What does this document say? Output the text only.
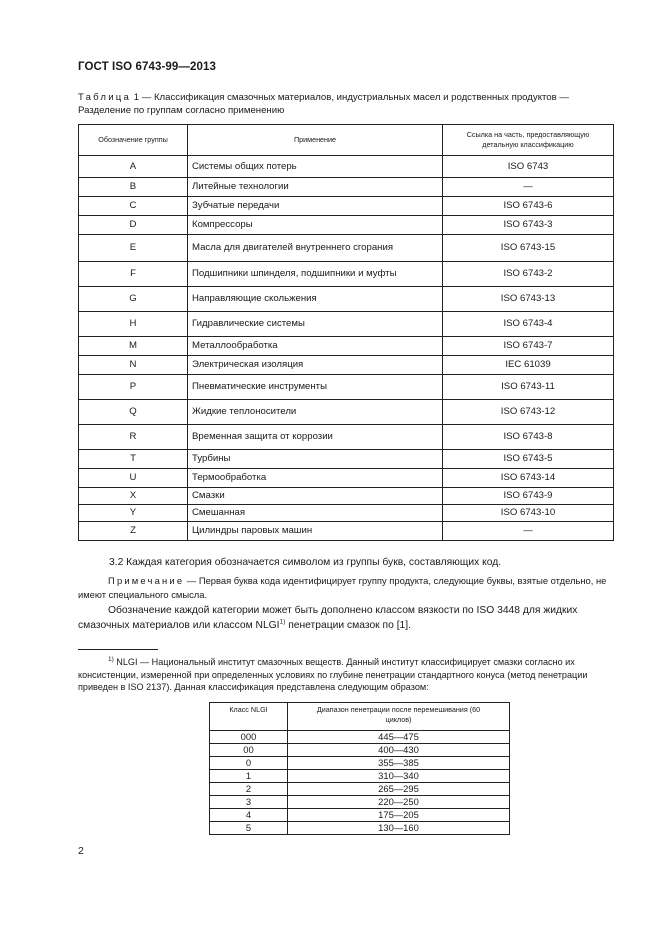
ГОСТ ISO 6743-99—2013
Таблица 1 — Классификация смазочных материалов, индустриальных масел и родственных продуктов — Разделение по группам согласно применению
Обозначение группы	Применение	Ссылка на часть, предоставляющую детальную классификацию
A	Системы общих потерь	ISO 6743
B	Литейные технологии	—
C	Зубчатые передачи	ISO 6743-6
D	Компрессоры	ISO 6743-3
E	Масла для двигателей внутреннего сгорания	ISO 6743-15
F	Подшипники шпинделя, подшипники и муфты	ISO 6743-2
G	Направляющие скольжения	ISO 6743-13
H	Гидравлические системы	ISO 6743-4
M	Металлообработка	ISO 6743-7
N	Электрическая изоляция	IEC 61039
P	Пневматические инструменты	ISO 6743-11
Q	Жидкие теплоносители	ISO 6743-12
R	Временная защита от коррозии	ISO 6743-8
T	Турбины	ISO 6743-5
U	Термообработка	ISO 6743-14
X	Смазки	ISO 6743-9
Y	Смешанная	ISO 6743-10
Z	Цилиндры паровых машин	—
3.2 Каждая категория обозначается символом из группы букв, составляющих код.
Примечание — Первая буква кода идентифицирует группу продукта, следующие буквы, взятые отдельно, не имеют специального смысла.
Обозначение каждой категории может быть дополнено классом вязкости по ISO 3448 для жидких смазочных материалов или классом NLGI$^{1)}$ пенетрации смазок по [1].
$^{1)}$ NLGI — Национальный институт смазочных веществ. Данный институт классифицирует смазки согласно их консистенции, измеренной при определенных условиях по глубине пенетрации стандартного конуса (метод пенетрации приведен в ISO 2137). Данная классификация представлена следующим образом:
Класс NLGI	Диапазон пенетрации после перемешивания (60 циклов)
000	445—475
00	400—430
0	355—385
1	310—340
2	265—295
3	220—250
4	175—205
5	130—160
2
